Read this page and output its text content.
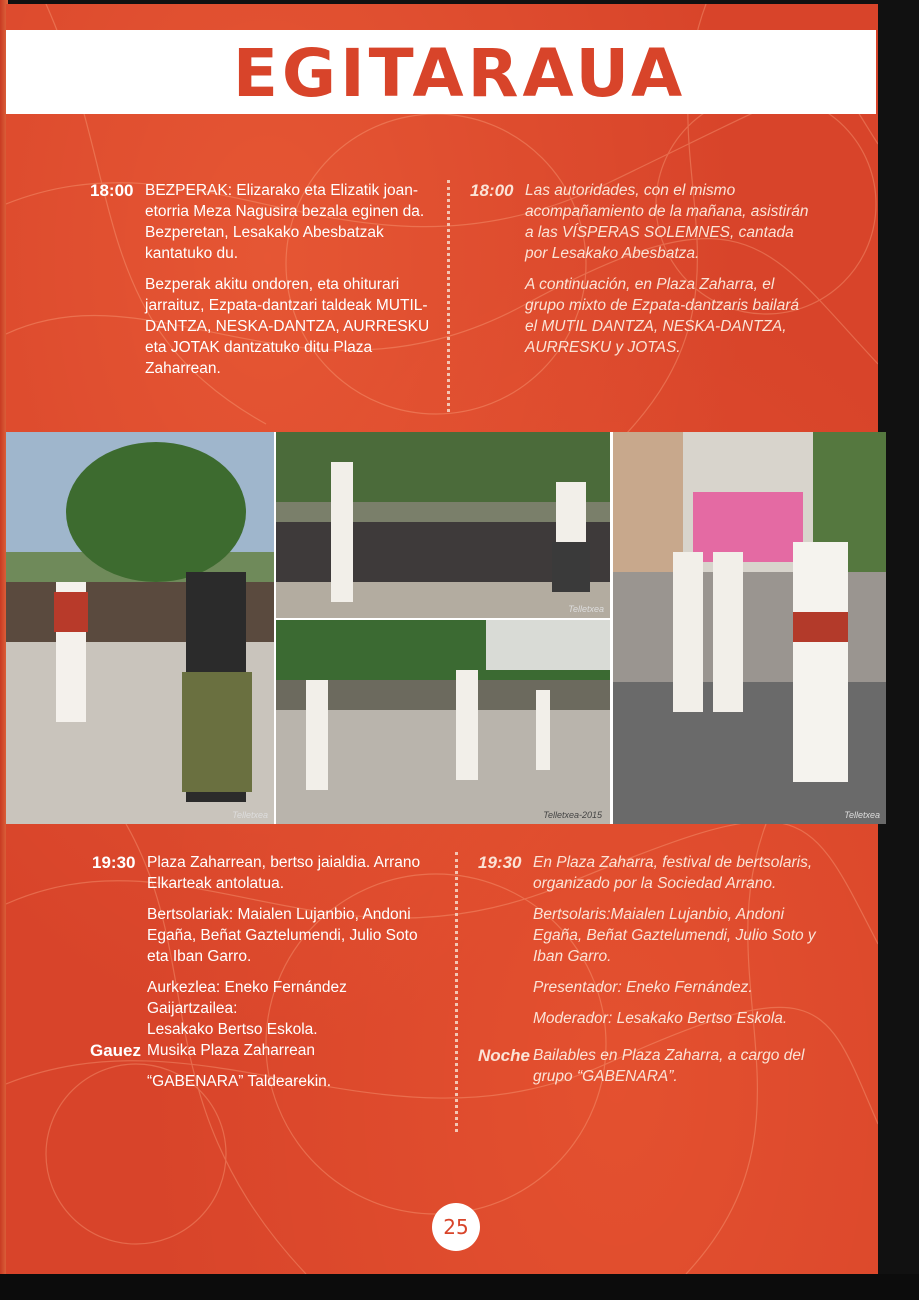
EGITARAUA
18:00 BEZPERAK: Elizarako eta Elizatik joan-etorria Meza Nagusira bezala eginen da. Bezperetan, Lesakako Abesbatzak kantatuko du.

Bezperak akitu ondoren, eta ohiturari jarraituz, Ezpata-dantzari taldeak MUTIL-DANTZA, NESKA-DANTZA, AURRESKU eta JOTAK dantzatuko ditu Plaza Zaharrean.

18:00 Las autoridades, con el mismo acompañamiento de la mañana, asistirán a las VÍSPERAS SOLEMNES, cantada por Lesakako Abesbatza.

A continuación, en Plaza Zaharra, el grupo mixto de Ezpata-dantzaris bailará el MUTIL DANTZA, NESKA-DANTZA, AURRESKU y JOTAS.

Telletxea
Telletxea
Telletxea-2015	Telletxea
19:30 Plaza Zaharrean, bertso jaialdia. Arrano Elkarteak antolatua.

Bertsolariak: Maialen Lujanbio, Andoni Egaña, Beñat Gaztelumendi, Julio Soto eta Iban Garro.

Aurkezlea: Eneko Fernández
Gaijartzailea:
Lesakako Bertso Eskola.

Gauez Musika Plaza Zaharrean
“GABENARA” Taldearekin.

19:30 En Plaza Zaharra, festival de bertsolaris, organizado por la Sociedad Arrano.

Bertsolaris:Maialen Lujanbio, Andoni Egaña, Beñat Gaztelumendi, Julio Soto y Iban Garro.

Presentador: Eneko Fernández.

Moderador: Lesakako Bertso Eskola.

Noche Bailables en Plaza Zaharra, a cargo del grupo “GABENARA”.

25
